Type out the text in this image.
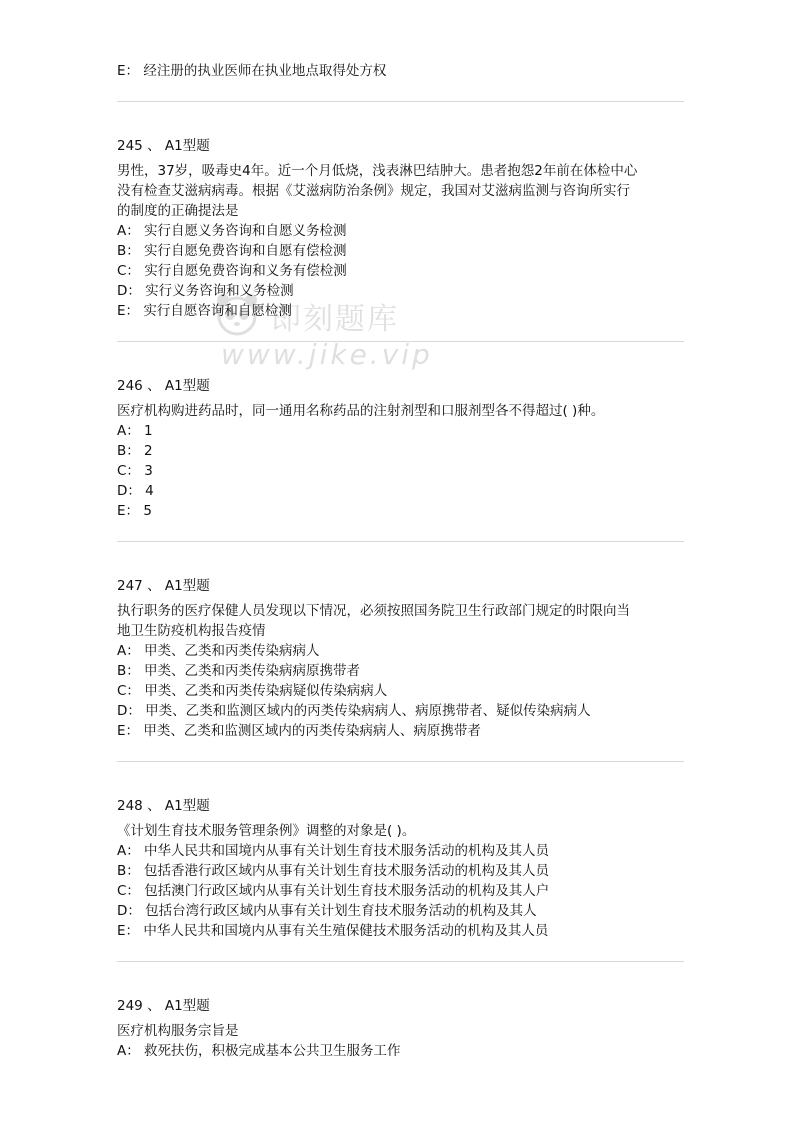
E： 经注册的执业医师在执业地点取得处方权
245 、 A1型题
男性，37岁，吸毒史4年。近一个月低烧，浅表淋巴结肿大。患者抱怨2年前在体检中心
没有检查艾滋病病毒。根据《艾滋病防治条例》规定，我国对艾滋病监测与咨询所实行
的制度的正确提法是
A： 实行自愿义务咨询和自愿义务检测
B： 实行自愿免费咨询和自愿有偿检测
C： 实行自愿免费咨询和义务有偿检测
D： 实行义务咨询和义务检测
E： 实行自愿咨询和自愿检测
246 、 A1型题
医疗机构购进药品时，同一通用名称药品的注射剂型和口服剂型各不得超过( )种。
A： 1
B： 2
C： 3
D： 4
E： 5
247 、 A1型题
执行职务的医疗保健人员发现以下情况，必须按照国务院卫生行政部门规定的时限向当
地卫生防疫机构报告疫情
A： 甲类、乙类和丙类传染病病人
B： 甲类、乙类和丙类传染病病原携带者
C： 甲类、乙类和丙类传染病疑似传染病病人
D： 甲类、乙类和监测区域内的丙类传染病病人、病原携带者、疑似传染病病人
E： 甲类、乙类和监测区域内的丙类传染病病人、病原携带者
248 、 A1型题
《计划生育技术服务管理条例》调整的对象是( )。
A： 中华人民共和国境内从事有关计划生育技术服务活动的机构及其人员
B： 包括香港行政区域内从事有关计划生育技术服务活动的机构及其人员
C： 包括澳门行政区域内从事有关计划生育技术服务活动的机构及其人户
D： 包括台湾行政区域内从事有关计划生育技术服务活动的机构及其人
E： 中华人民共和国境内从事有关生殖保健技术服务活动的机构及其人员
249 、 A1型题
医疗机构服务宗旨是
A： 救死扶伤，积极完成基本公共卫生服务工作
即刻题库
www.jike.vip
